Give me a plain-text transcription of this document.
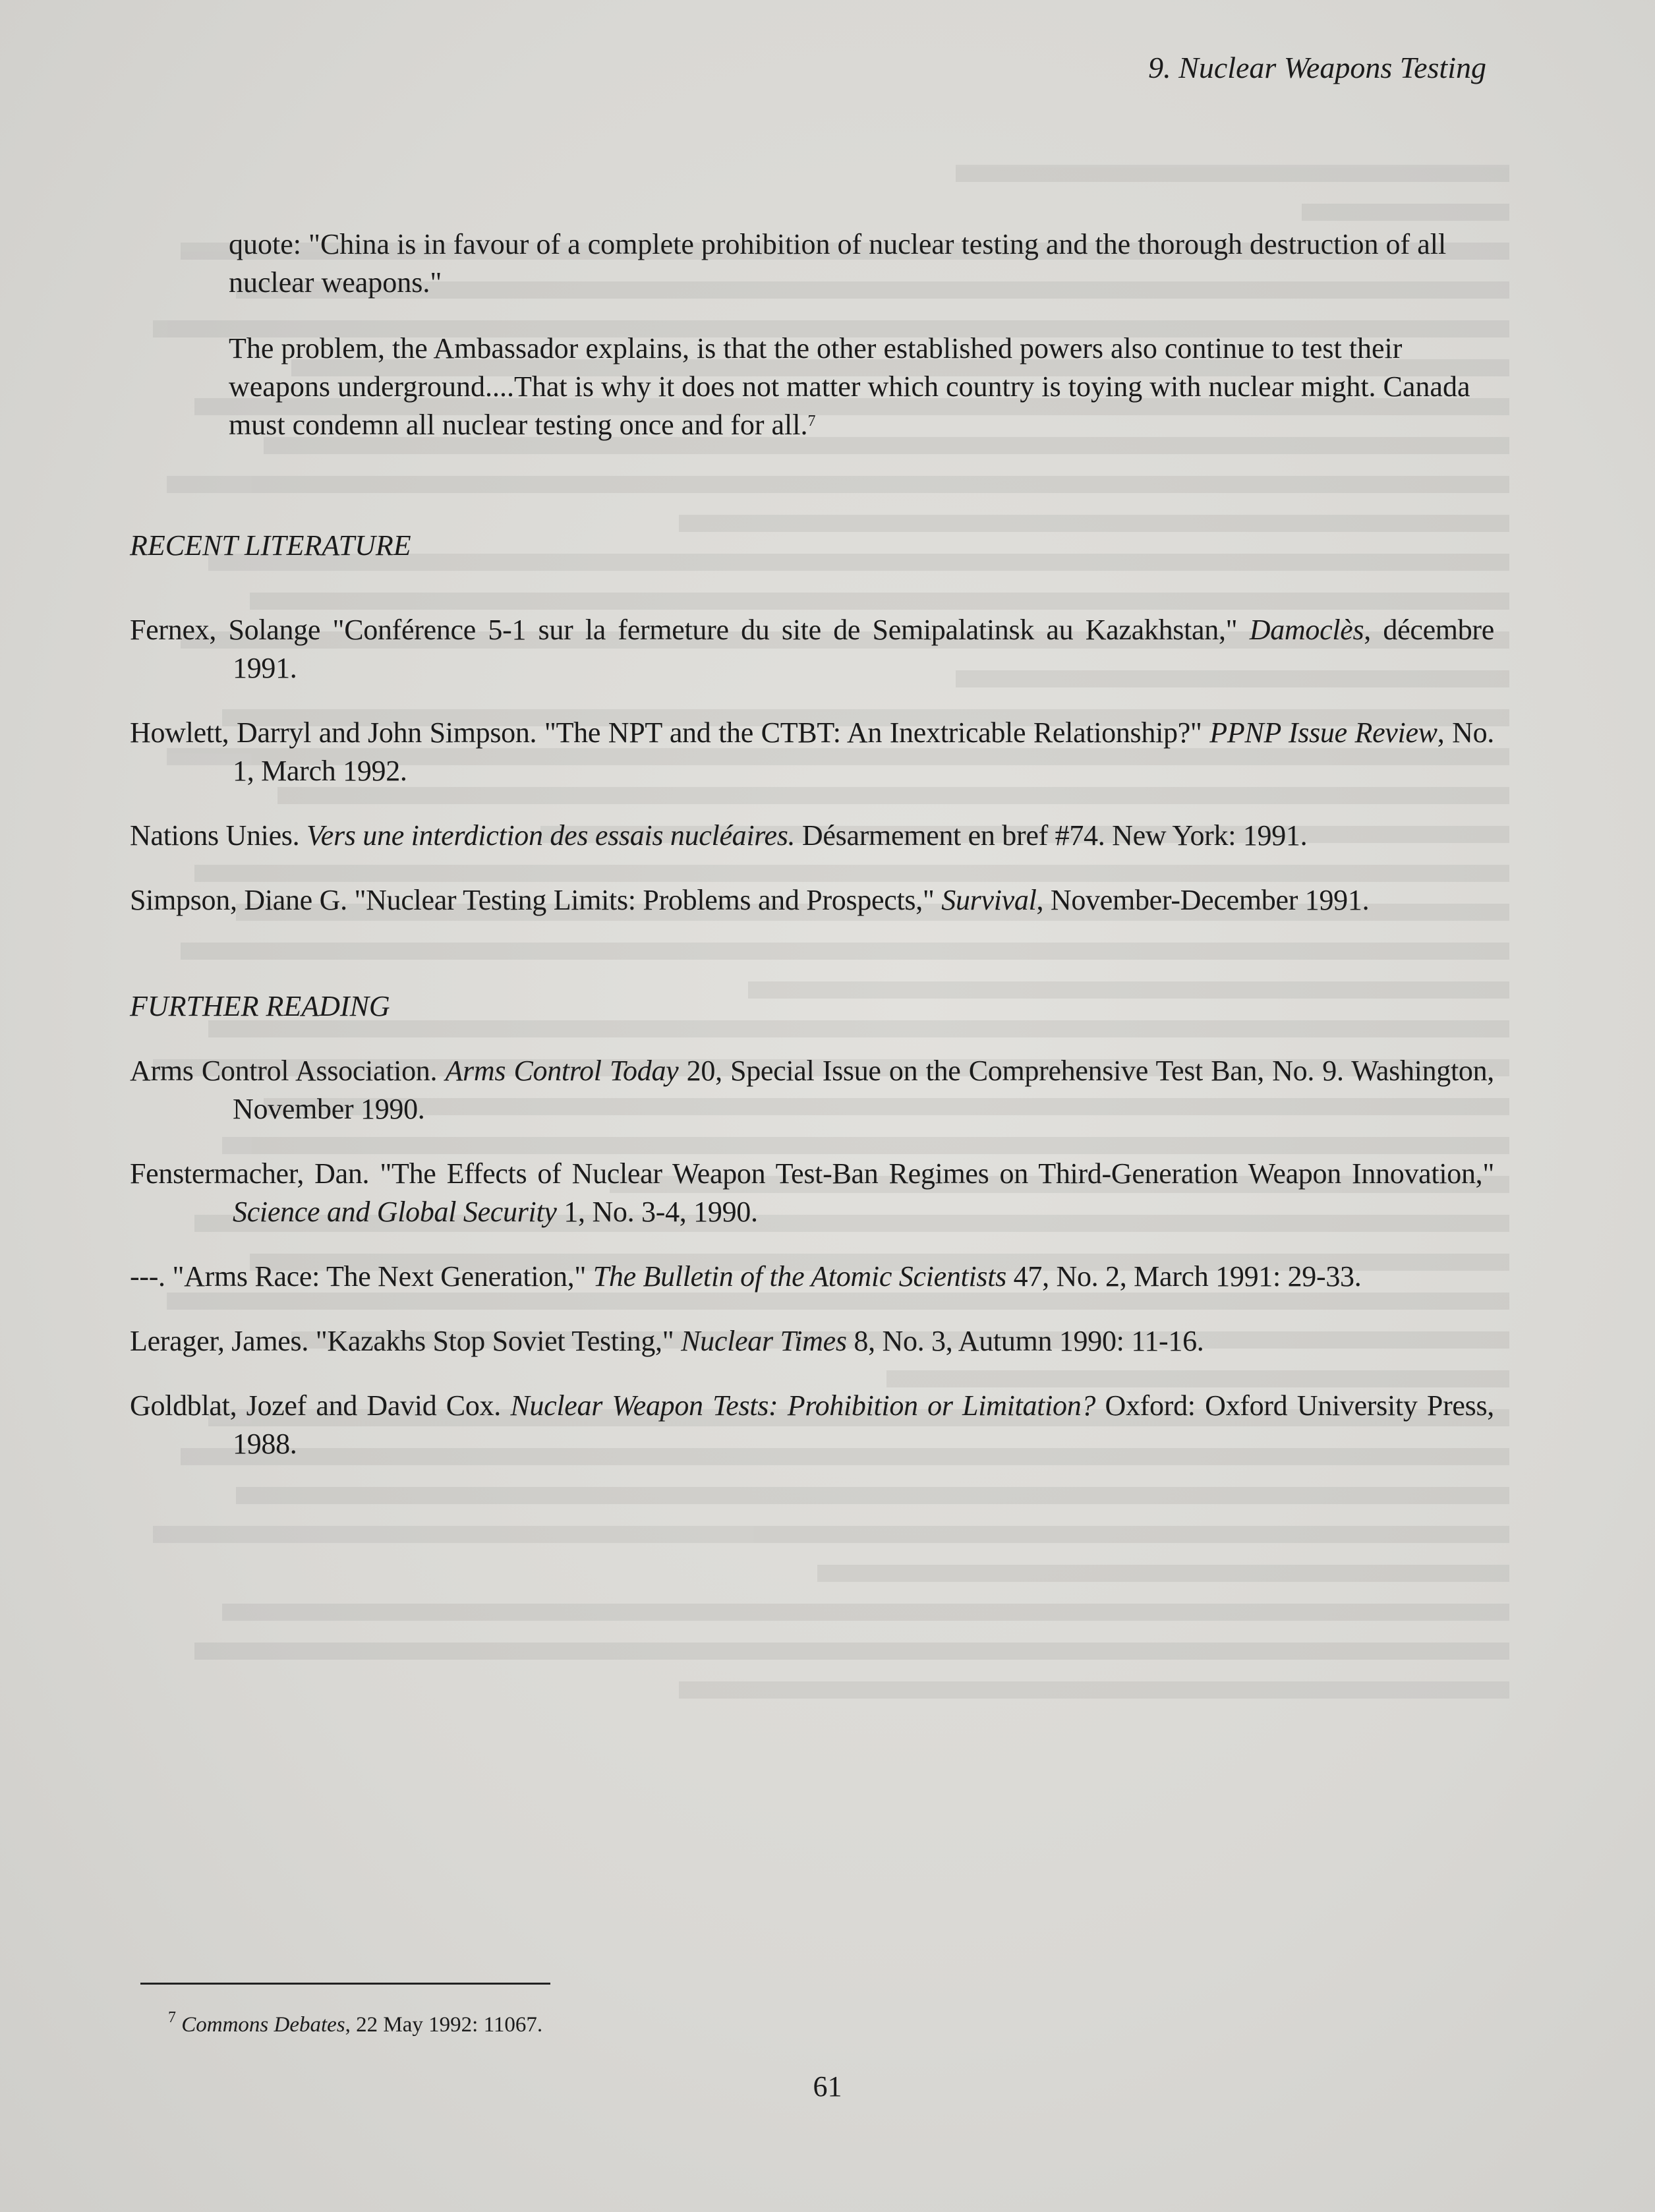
9. Nuclear Weapons Testing

quote: "China is in favour of a complete prohibition of nuclear testing and the thorough destruction of all nuclear weapons."

The problem, the Ambassador explains, is that the other established powers also continue to test their weapons underground....That is why it does not matter which country is toying with nuclear might. Canada must condemn all nuclear testing once and for all.$^7$

RECENT LITERATURE

Fernex, Solange "Conférence 5-1 sur la fermeture du site de Semipalatinsk au Kazakhstan," Damoclès, décembre 1991.

Howlett, Darryl and John Simpson. "The NPT and the CTBT: An Inextricable Relationship?" PPNP Issue Review, No. 1, March 1992.

Nations Unies. Vers une interdiction des essais nucléaires. Désarmement en bref #74. New York: 1991.

Simpson, Diane G. "Nuclear Testing Limits: Problems and Prospects," Survival, November-December 1991.

FURTHER READING

Arms Control Association. Arms Control Today 20, Special Issue on the Comprehensive Test Ban, No. 9. Washington, November 1990.

Fenstermacher, Dan. "The Effects of Nuclear Weapon Test-Ban Regimes on Third-Generation Weapon Innovation," Science and Global Security 1, No. 3-4, 1990.

---. "Arms Race: The Next Generation," The Bulletin of the Atomic Scientists 47, No. 2, March 1991: 29-33.

Lerager, James. "Kazakhs Stop Soviet Testing," Nuclear Times 8, No. 3, Autumn 1990: 11-16.

Goldblat, Jozef and David Cox. Nuclear Weapon Tests: Prohibition or Limitation? Oxford: Oxford University Press, 1988.

$^7$ Commons Debates, 22 May 1992: 11067.
61
